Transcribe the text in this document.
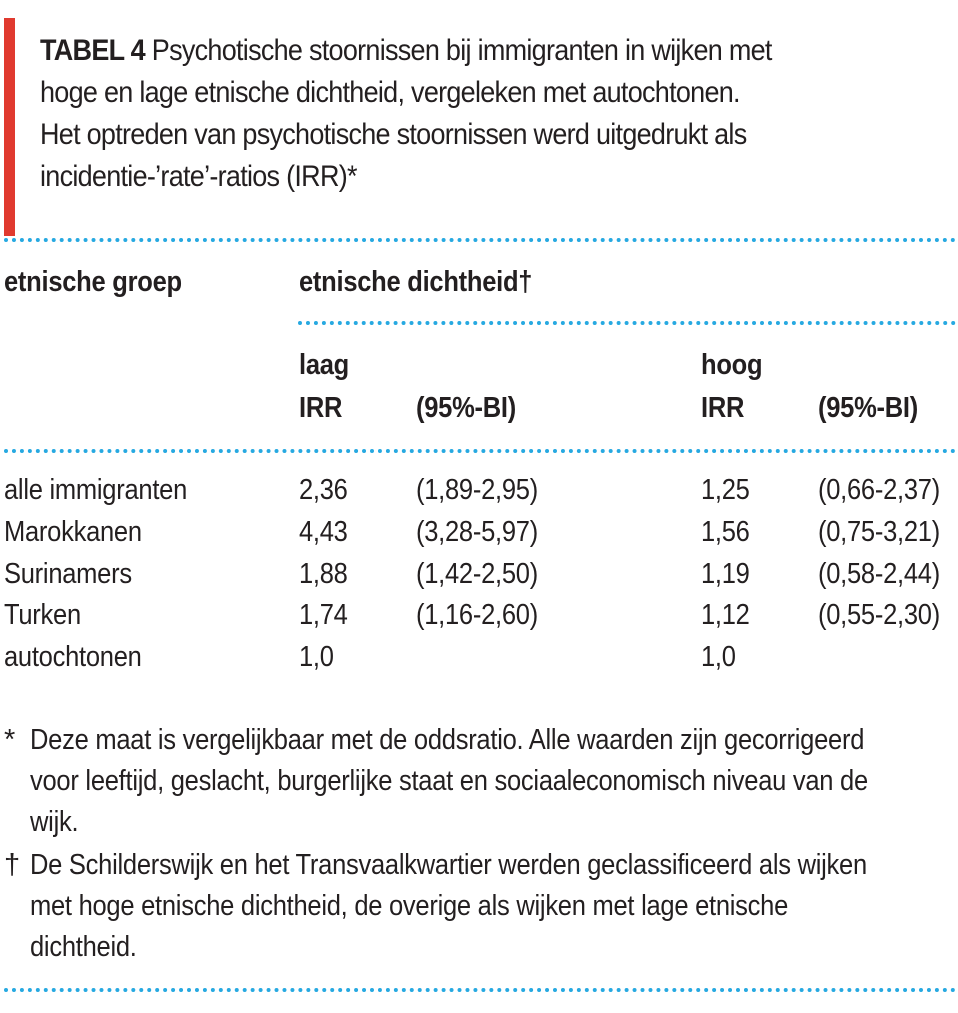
TABEL 4 Psychotische stoornissen bij immigranten in wijken met
hoge en lage etnische dichtheid, vergeleken met autochtonen.
Het optreden van psychotische stoornissen werd uitgedrukt als
incidentie-’rate’-ratios (IRR)*
etnische groep	etnische dichtheid†
laag	hoog
IRR	(95%-BI)	IRR	(95%-BI)
alle immigranten	2,36 (1,89-2,95)	1,25 (0,66-2,37)
Marokkanen	4,43 (3,28-5,97)	1,56 (0,75-3,21)
Surinamers	1,88 (1,42-2,50)	1,19 (0,58-2,44)
Turken	1,74 (1,16-2,60)	1,12 (0,55-2,30)
autochtonen	1,0	1,0
* Deze maat is vergelijkbaar met de oddsratio. Alle waarden zijn gecorrigeerd
voor leeftijd, geslacht, burgerlijke staat en sociaaleconomisch niveau van de
wijk.
† De Schilderswijk en het Transvaalkwartier werden geclassificeerd als wijken
met hoge etnische dichtheid, de overige als wijken met lage etnische
dichtheid.
